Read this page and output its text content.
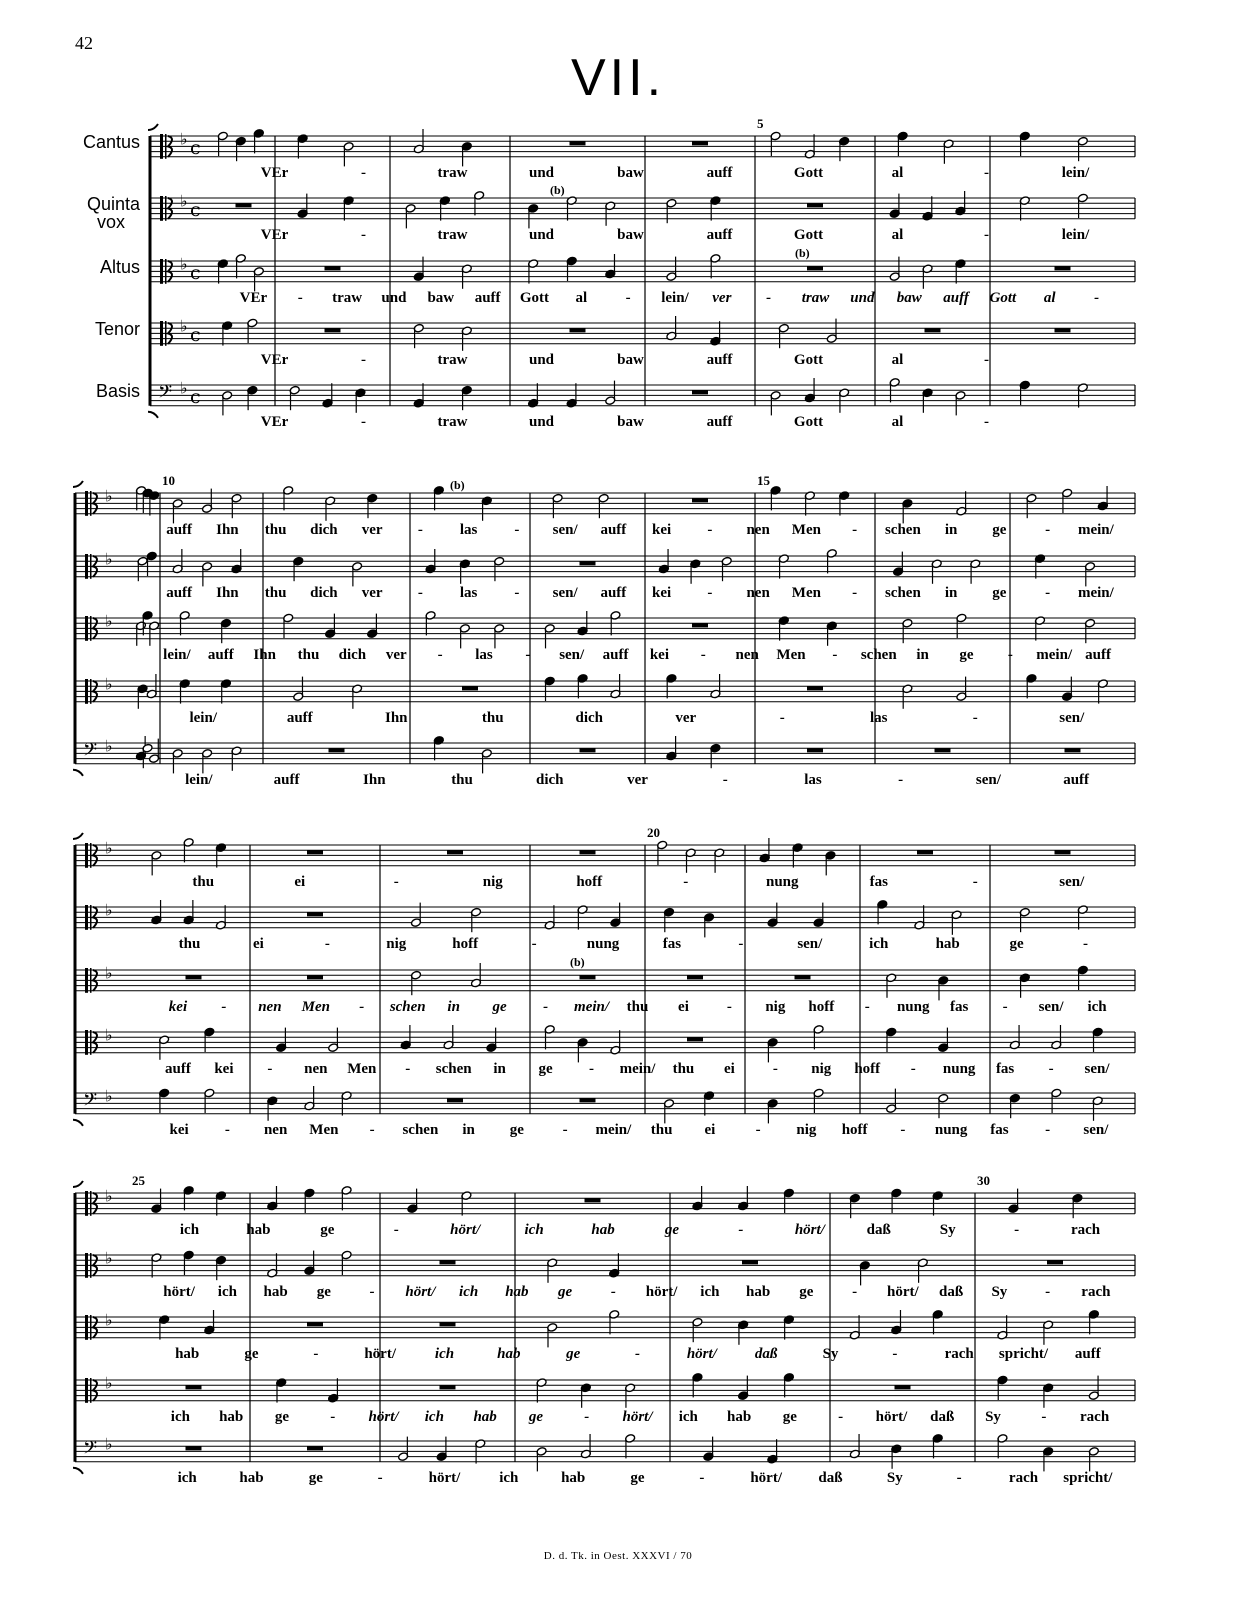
42
VII.
♭ c
♭ c
♭ c
♭ c
𝄢 ♭ c
Cantus
Quinta
vox
Altus
Tenor
Basis
5
(b)
(b)
VEr	-	traw	und	baw	auff	Gott	al	-	lein/
VEr	-	traw	und	baw	auff	Gott	al	-	lein/
VEr - traw und baw auff Gott al	- lein/ ver - traw und baw auff Gott al	-
VEr	-	traw	und	baw	auff	Gott	al	-
VEr	-	traw	und	baw	auff	Gott	al	-
♭
♭
♭
♭
𝄢 ♭
10	15
(b)
auff Ihn thu dich ver - las - sen/ auff kei - nen Men - schen in ge	- mein/
auff Ihn thu dich ver - las - sen/ auff kei - nen Men - schen in ge	- mein/
lein/ auff Ihn thu dich ver - las - sen/ auff kei - nen Men - schen in ge - mein/ auff
lein/	auff	Ihn	thu	dich	ver	-	las	-	sen/
lein/	auff	Ihn	thu	dich	ver	-	las	-	sen/	auff
♭
♭
♭
♭
𝄢 ♭
20
(b)
thu	ei	-	nig	hoff	-	nung	fas	-	sen/
thu	ei	-	nig	hoff	-	nung	fas	-	sen/	ich	hab	ge	-
kei - nen Men - schen in ge - mein/ thu ei	- nig hoff - nung fas - sen/ ich
auff kei - nen Men - schen in ge - mein/ thu ei	- nig hoff - nung fas - sen/
kei - nen Men - schen in ge	- mein/ thu ei	- nig hoff - nung fas - sen/
♭
♭
♭
♭
𝄢 ♭
25	30
ich	hab	ge	-	hört/	ich	hab	ge	-	hört/	daß	Sy	-	rach
hört/ ich hab ge	- hört/ ich hab ge	- hört/ ich hab ge	- hört/ daß Sy	- rach
hab	ge	-	hört/	ich	hab	ge	-	hört/	daß	Sy	-	rach spricht/ auff
ich hab ge	- hört/ ich hab ge	- hört/ ich hab ge	- hört/ daß Sy	- rach
ich	hab	ge	-	hört/	ich	hab	ge	-	hört/ daß	Sy	-	rach spricht/
D. d. Tk. in Oest. XXXVI / 70
